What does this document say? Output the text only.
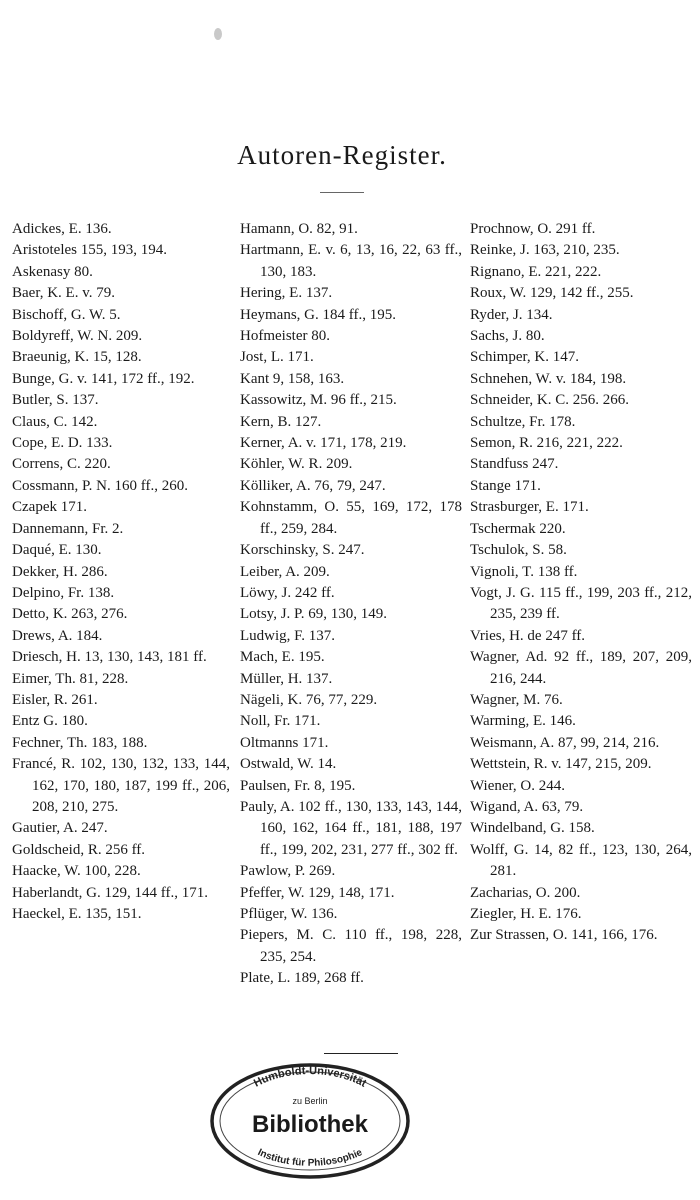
Autoren-Register.

Adickes, E. 136.

Aristoteles 155, 193, 194.

Askenasy 80.

Baer, K. E. v. 79.

Bischoff, G. W. 5.

Boldyreff, W. N. 209.

Braeunig, K. 15, 128.

Bunge, G. v. 141, 172 ff., 192.

Butler, S. 137.

Claus, C. 142.

Cope, E. D. 133.

Correns, C. 220.

Cossmann, P. N. 160 ff., 260.

Czapek 171.

Dannemann, Fr. 2.

Daqué, E. 130.

Dekker, H. 286.

Delpino, Fr. 138.

Detto, K. 263, 276.

Drews, A. 184.

Driesch, H. 13, 130, 143, 181 ff.

Eimer, Th. 81, 228.

Eisler, R. 261.

Entz G. 180.

Fechner, Th. 183, 188.

Francé, R. 102, 130, 132, 133, 144, 162, 170, 180, 187, 199 ff., 206, 208, 210, 275.

Gautier, A. 247.

Goldscheid, R. 256 ff.

Haacke, W. 100, 228.

Haberlandt, G. 129, 144 ff., 171.

Haeckel, E. 135, 151.

Hamann, O. 82, 91.

Hartmann, E. v. 6, 13, 16, 22, 63 ff., 130, 183.

Hering, E. 137.

Heymans, G. 184 ff., 195.

Hofmeister 80.

Jost, L. 171.

Kant 9, 158, 163.

Kassowitz, M. 96 ff., 215.

Kern, B. 127.

Kerner, A. v. 171, 178, 219.

Köhler, W. R. 209.

Kölliker, A. 76, 79, 247.

Kohnstamm, O. 55, 169, 172, 178 ff., 259, 284.

Korschinsky, S. 247.

Leiber, A. 209.

Löwy, J. 242 ff.

Lotsy, J. P. 69, 130, 149.

Ludwig, F. 137.

Mach, E. 195.

Müller, H. 137.

Nägeli, K. 76, 77, 229.

Noll, Fr. 171.

Oltmanns 171.

Ostwald, W. 14.

Paulsen, Fr. 8, 195.

Pauly, A. 102 ff., 130, 133, 143, 144, 160, 162, 164 ff., 181, 188, 197 ff., 199, 202, 231, 277 ff., 302 ff.

Pawlow, P. 269.

Pfeffer, W. 129, 148, 171.

Pflüger, W. 136.

Piepers, M. C. 110 ff., 198, 228, 235, 254.

Plate, L. 189, 268 ff.

Prochnow, O. 291 ff.

Reinke, J. 163, 210, 235.

Rignano, E. 221, 222.

Roux, W. 129, 142 ff., 255.

Ryder, J. 134.

Sachs, J. 80.

Schimper, K. 147.

Schnehen, W. v. 184, 198.

Schneider, K. C. 256. 266.

Schultze, Fr. 178.

Semon, R. 216, 221, 222.

Standfuss 247.

Stange 171.

Strasburger, E. 171.

Tschermak 220.

Tschulok, S. 58.

Vignoli, T. 138 ff.

Vogt, J. G. 115 ff., 199, 203 ff., 212, 235, 239 ff.

Vries, H. de 247 ff.

Wagner, Ad. 92 ff., 189, 207, 209, 216, 244.

Wagner, M. 76.

Warming, E. 146.

Weismann, A. 87, 99, 214, 216.

Wettstein, R. v. 147, 215, 209.

Wiener, O. 244.

Wigand, A. 63, 79.

Windelband, G. 158.

Wolff, G. 14, 82 ff., 123, 130, 264, 281.

Zacharias, O. 200.

Ziegler, H. E. 176.

Zur Strassen, O. 141, 166, 176.

Humboldt-Universität
zu Berlin
Bibliothek
Institut für Philosophie
